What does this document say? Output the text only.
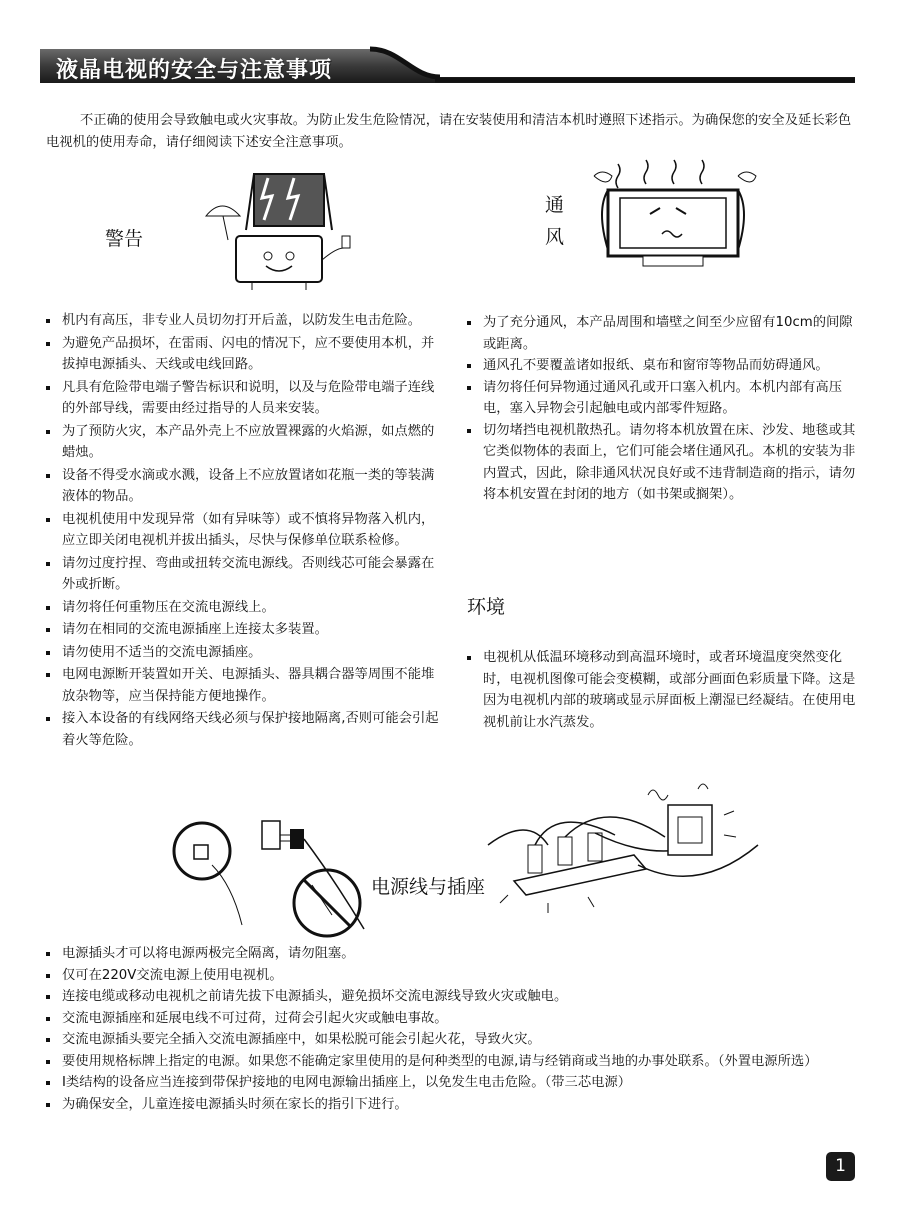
液晶电视的安全与注意事项

不正确的使用会导致触电或火灾事故。为防止发生危险情况，请在安装使用和清洁本机时遵照下述指示。为确保您的安全及延长彩色电视机的使用寿命，请仔细阅读下述安全注意事项。

警告
通
风
机内有高压，非专业人员切勿打开后盖，以防发生电击危险。
为避免产品损坏，在雷雨、闪电的情况下，应不要使用本机，并拔掉电源插头、天线或电线回路。
凡具有危险带电端子警告标识和说明，以及与危险带电端子连线的外部导线，需要由经过指导的人员来安装。
为了预防火灾，本产品外壳上不应放置裸露的火焰源，如点燃的蜡烛。
设备不得受水滴或水溅，设备上不应放置诸如花瓶一类的等装满液体的物品。
电视机使用中发现异常（如有异味等）或不慎将异物落入机内，应立即关闭电视机并拔出插头，尽快与保修单位联系检修。
请勿过度拧捏、弯曲或扭转交流电源线。否则线芯可能会暴露在外或折断。
请勿将任何重物压在交流电源线上。
请勿在相同的交流电源插座上连接太多装置。
请勿使用不适当的交流电源插座。
电网电源断开装置如开关、电源插头、器具耦合器等周围不能堆放杂物等，应当保持能方便地操作。
接入本设备的有线网络天线必须与保护接地隔离,否则可能会引起着火等危险。
为了充分通风，本产品周围和墙壁之间至少应留有10cm的间隙或距离。
通风孔不要覆盖诸如报纸、桌布和窗帘等物品而妨碍通风。
请勿将任何异物通过通风孔或开口塞入机内。本机内部有高压电，塞入异物会引起触电或内部零件短路。
切勿堵挡电视机散热孔。请勿将本机放置在床、沙发、地毯或其它类似物体的表面上，它们可能会堵住通风孔。本机的安装为非内置式，因此，除非通风状况良好或不违背制造商的指示，请勿将本机安置在封闭的地方（如书架或搁架）。
环境
电视机从低温环境移动到高温环境时，或者环境温度突然变化时，电视机图像可能会变模糊，或部分画面色彩质量下降。这是因为电视机内部的玻璃或显示屏面板上潮湿已经凝结。在使用电视机前让水汽蒸发。
电源线与插座
电源插头才可以将电源两极完全隔离，请勿阻塞。
仅可在220V交流电源上使用电视机。
连接电缆或移动电视机之前请先拔下电源插头，避免损坏交流电源线导致火灾或触电。
交流电源插座和延展电线不可过荷，过荷会引起火灾或触电事故。
交流电源插头要完全插入交流电源插座中，如果松脱可能会引起火花，导致火灾。
要使用规格标牌上指定的电源。如果您不能确定家里使用的是何种类型的电源,请与经销商或当地的办事处联系。（外置电源所选）
Ⅰ类结构的设备应当连接到带保护接地的电网电源输出插座上，以免发生电击危险。（带三芯电源）
为确保安全，儿童连接电源插头时须在家长的指引下进行。
1
